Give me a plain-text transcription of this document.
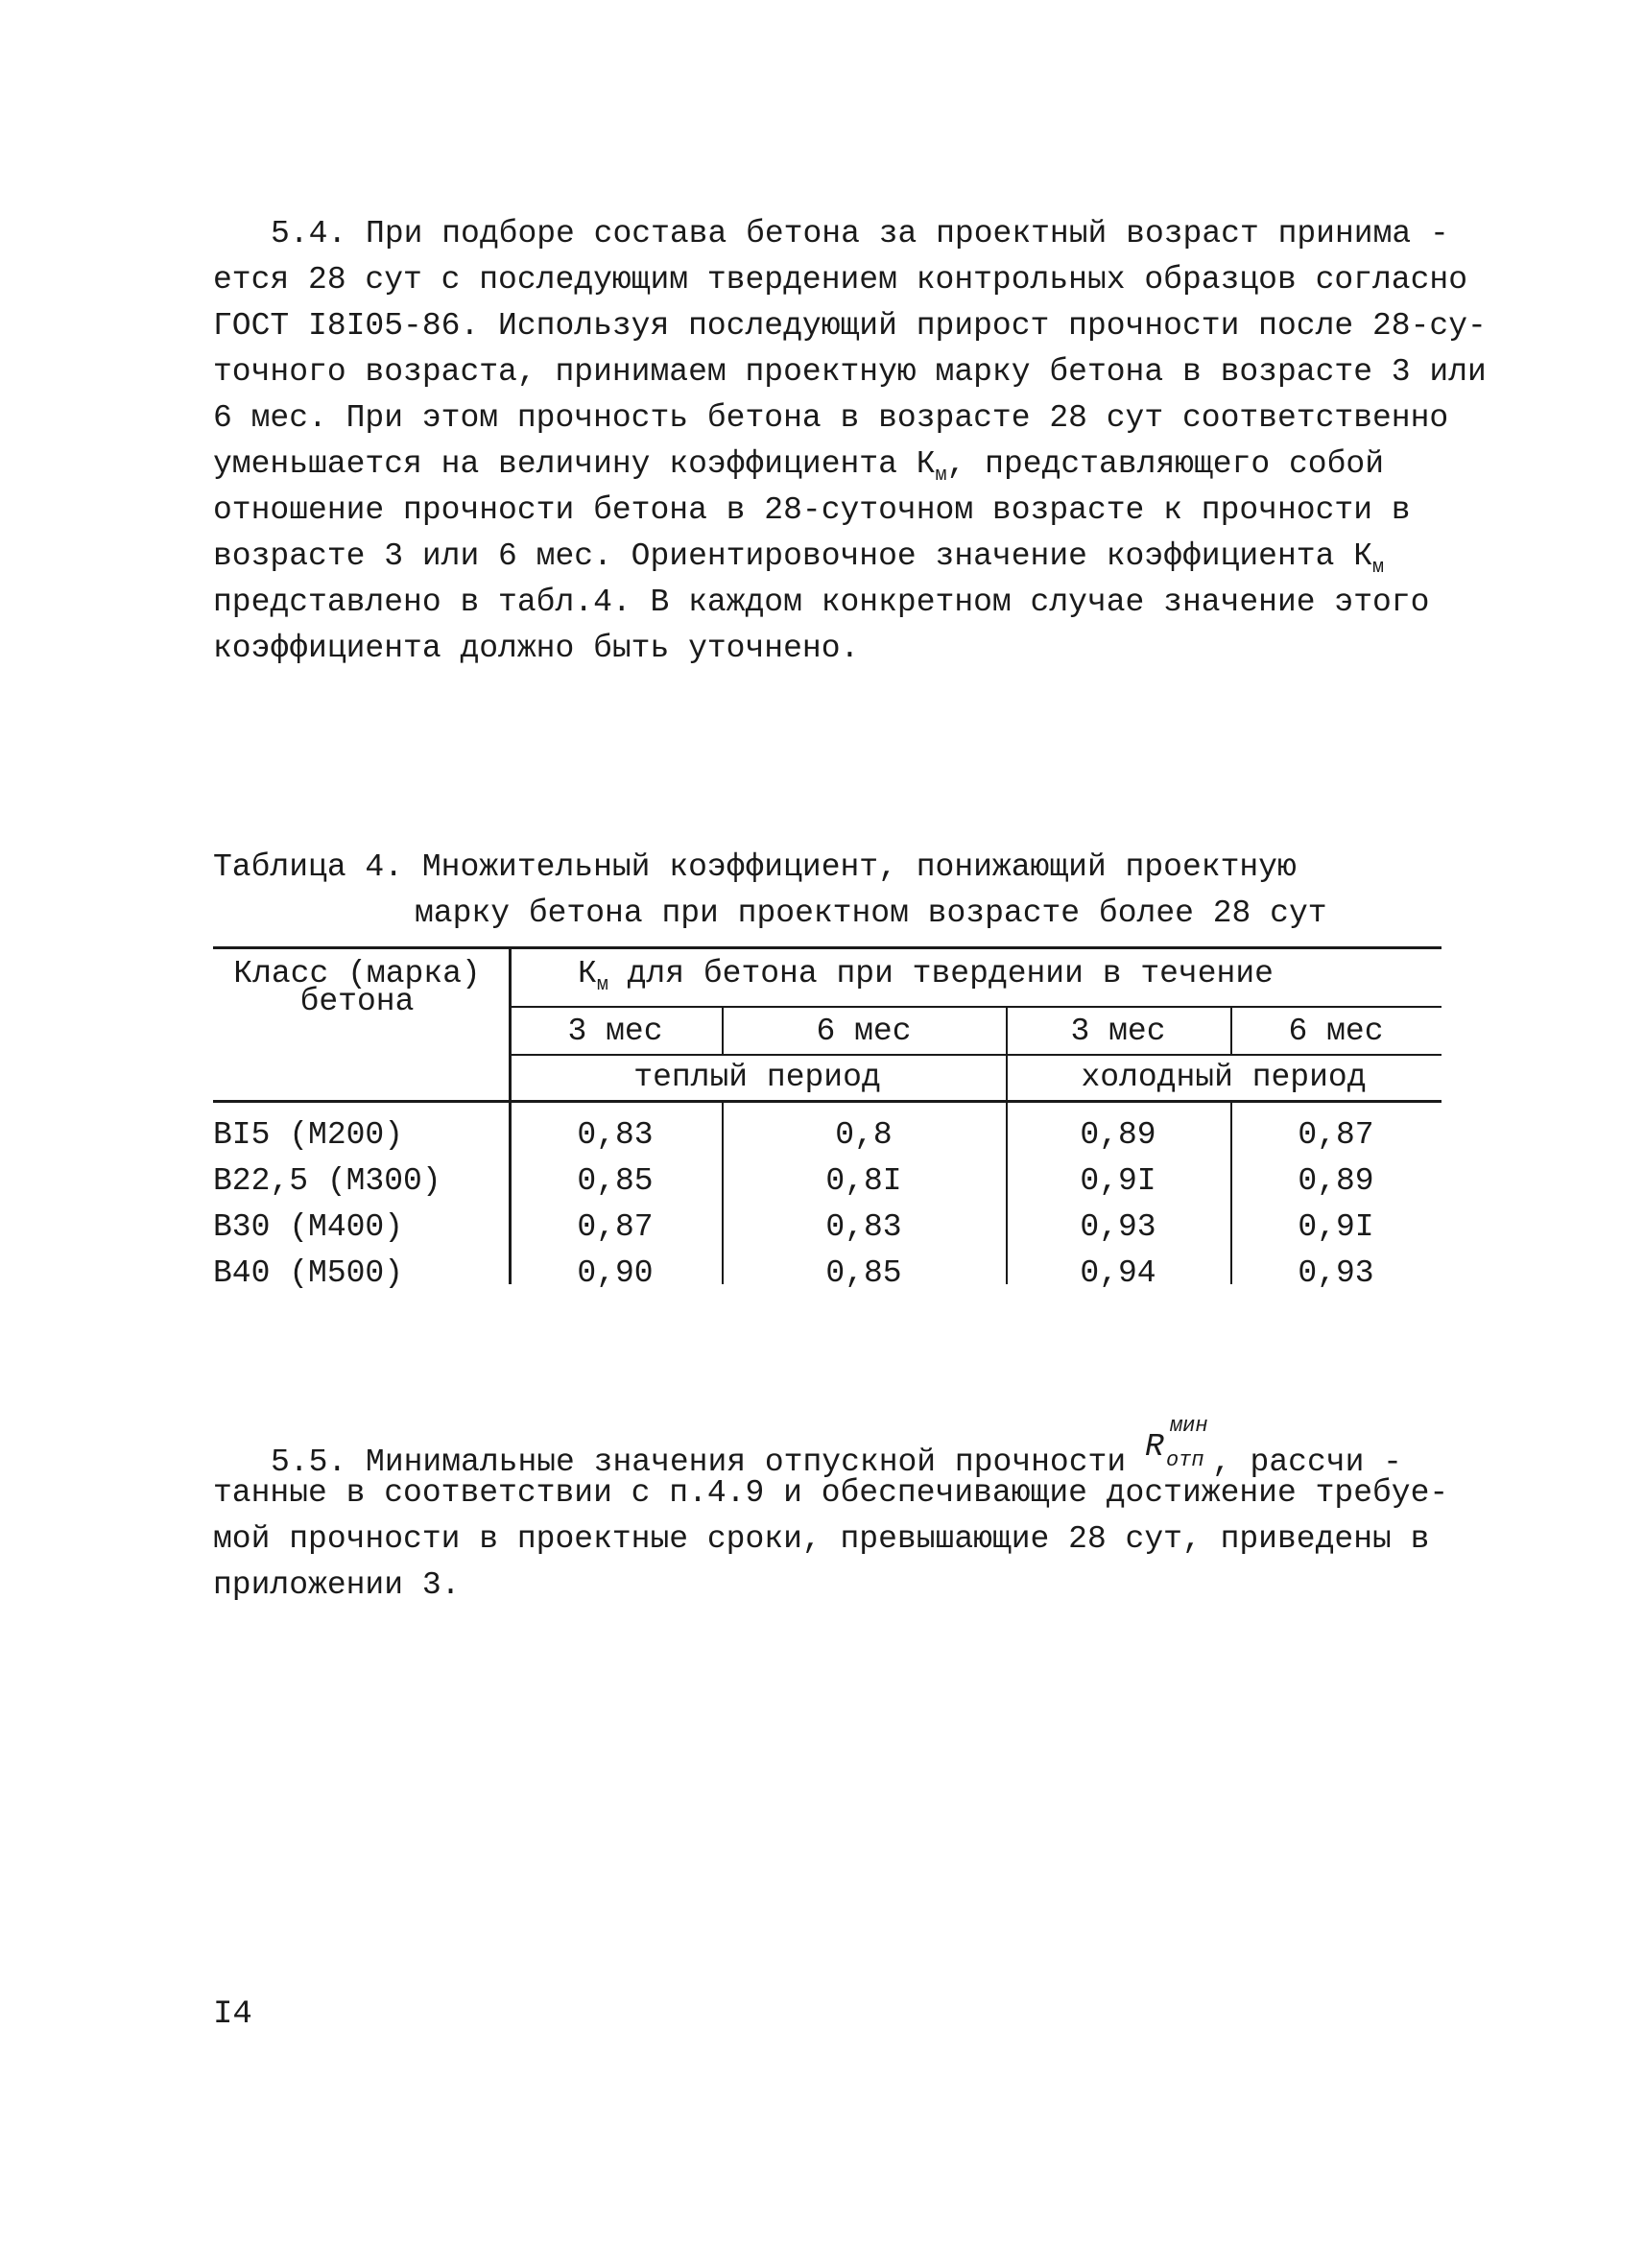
5.4. При подборе состава бетона за проектный возраст принима -
ется 28 сут с последующим твердением контрольных образцов согласно
ГОСТ I8I05-86. Используя последующий прирост прочности после 28-су-
точного возраста, принимаем проектную марку бетона в возрасте 3 или
6 мес. При этом прочность бетона в возрасте 28 сут соответственно
уменьшается на величину коэффициента $К_м$, представляющего собой
отношение прочности бетона в 28-суточном возрасте к прочности в
возрасте 3 или 6 мес. Ориентировочное значение коэффициента $К_м$
представлено в табл.4. В каждом конкретном случае значение этого
коэффициента должно быть уточнено.
Таблица 4. Множительный коэффициент, понижающий проектную
марку бетона при проектном возрасте более 28 сут
Класс (марка)
бетона
$К_м$ для бетона при твердении в течение
3 мес	6 мес	3 мес	6 мес
теплый период	холодный период
BI5 (M200)	0,83	0,8	0,89	0,87
B22,5 (M300)	0,85	0,8I	0,9I	0,89
B30 (M400)	0,87	0,83	0,93	0,9I
B40 (M500)	0,90	0,85	0,94	0,93
5.5. Минимальные значения отпускной прочности R
мин
отп , рассчи -
танные в соответствии с п.4.9 и обеспечивающие достижение требуе-
мой прочности в проектные сроки, превышающие 28 сут, приведены в
приложении 3.
I4
